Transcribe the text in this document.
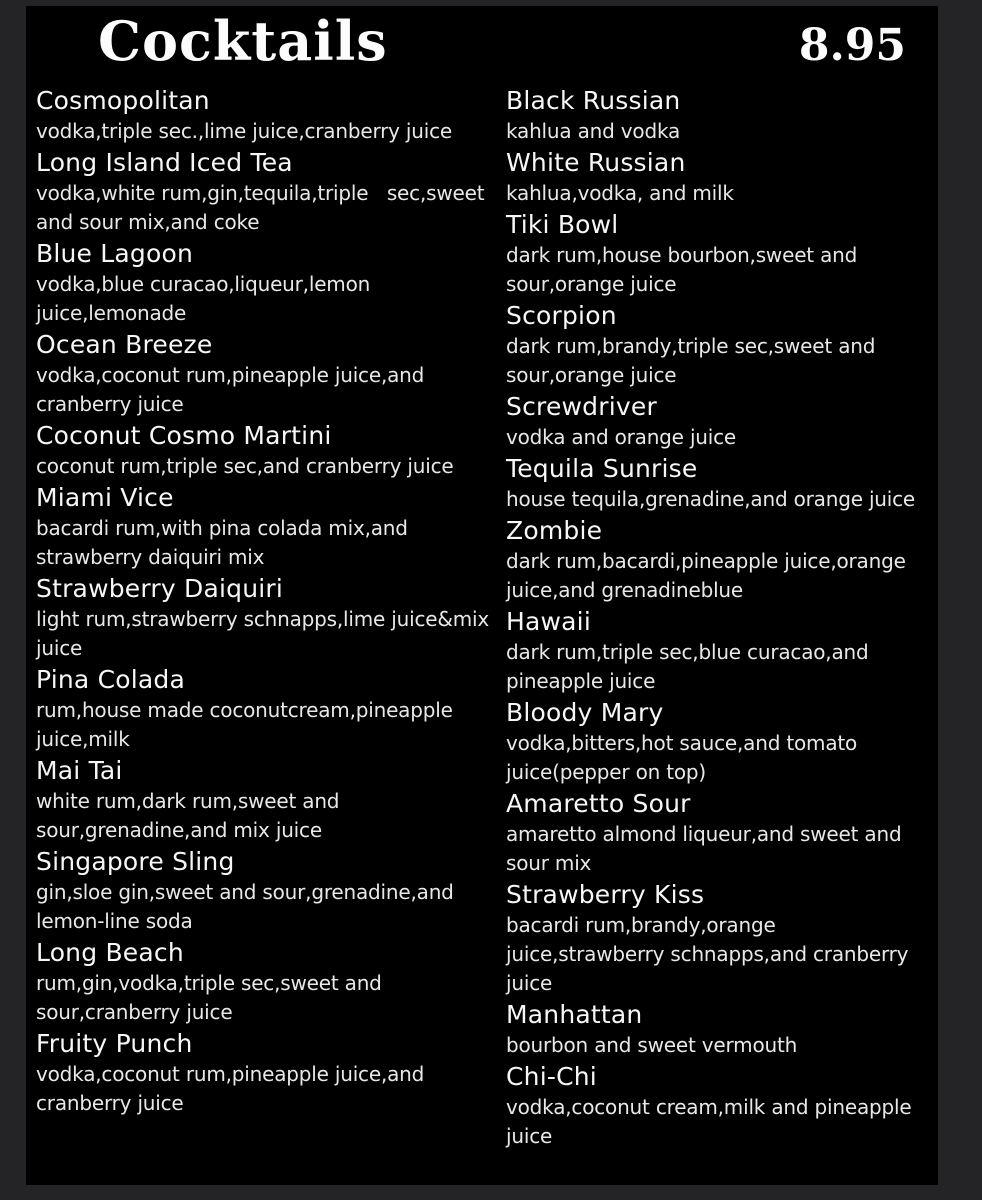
Cocktails	8.95
Cosmopolitan
vodka,triple sec.,lime juice,cranberry juice
Long Island Iced Tea
vodka,white rum,gin,tequila,triple   sec,sweet and sour mix,and coke
Blue Lagoon
vodka,blue curacao,liqueur,lemon juice,lemonade
Ocean Breeze
vodka,coconut rum,pineapple juice,and cranberry juice
Coconut Cosmo Martini
coconut rum,triple sec,and cranberry juice
Miami Vice
bacardi rum,with pina colada mix,and strawberry daiquiri mix
Strawberry Daiquiri
light rum,strawberry schnapps,lime juice&mix juice
Pina Colada
rum,house made coconutcream,pineapple juice,milk
Mai Tai
white rum,dark rum,sweet and sour,grenadine,and mix juice
Singapore Sling
gin,sloe gin,sweet and sour,grenadine,and lemon-line soda
Long Beach
rum,gin,vodka,triple sec,sweet and sour,cranberry juice
Fruity Punch
vodka,coconut rum,pineapple juice,and cranberry juice
Black Russian
kahlua and vodka
White Russian
kahlua,vodka, and milk
Tiki Bowl
dark rum,house bourbon,sweet and sour,orange juice
Scorpion
dark rum,brandy,triple sec,sweet and sour,orange juice
Screwdriver
vodka and orange juice
Tequila Sunrise
house tequila,grenadine,and orange juice
Zombie
dark rum,bacardi,pineapple juice,orange juice,and grenadineblue
Hawaii
dark rum,triple sec,blue curacao,and pineapple juice
Bloody Mary
vodka,bitters,hot sauce,and tomato juice(pepper on top)
Amaretto Sour
amaretto almond liqueur,and sweet and sour mix
Strawberry Kiss
bacardi rum,brandy,orange juice,strawberry schnapps,and cranberry juice
Manhattan
bourbon and sweet vermouth
Chi-Chi
vodka,coconut cream,milk and pineapple juice
